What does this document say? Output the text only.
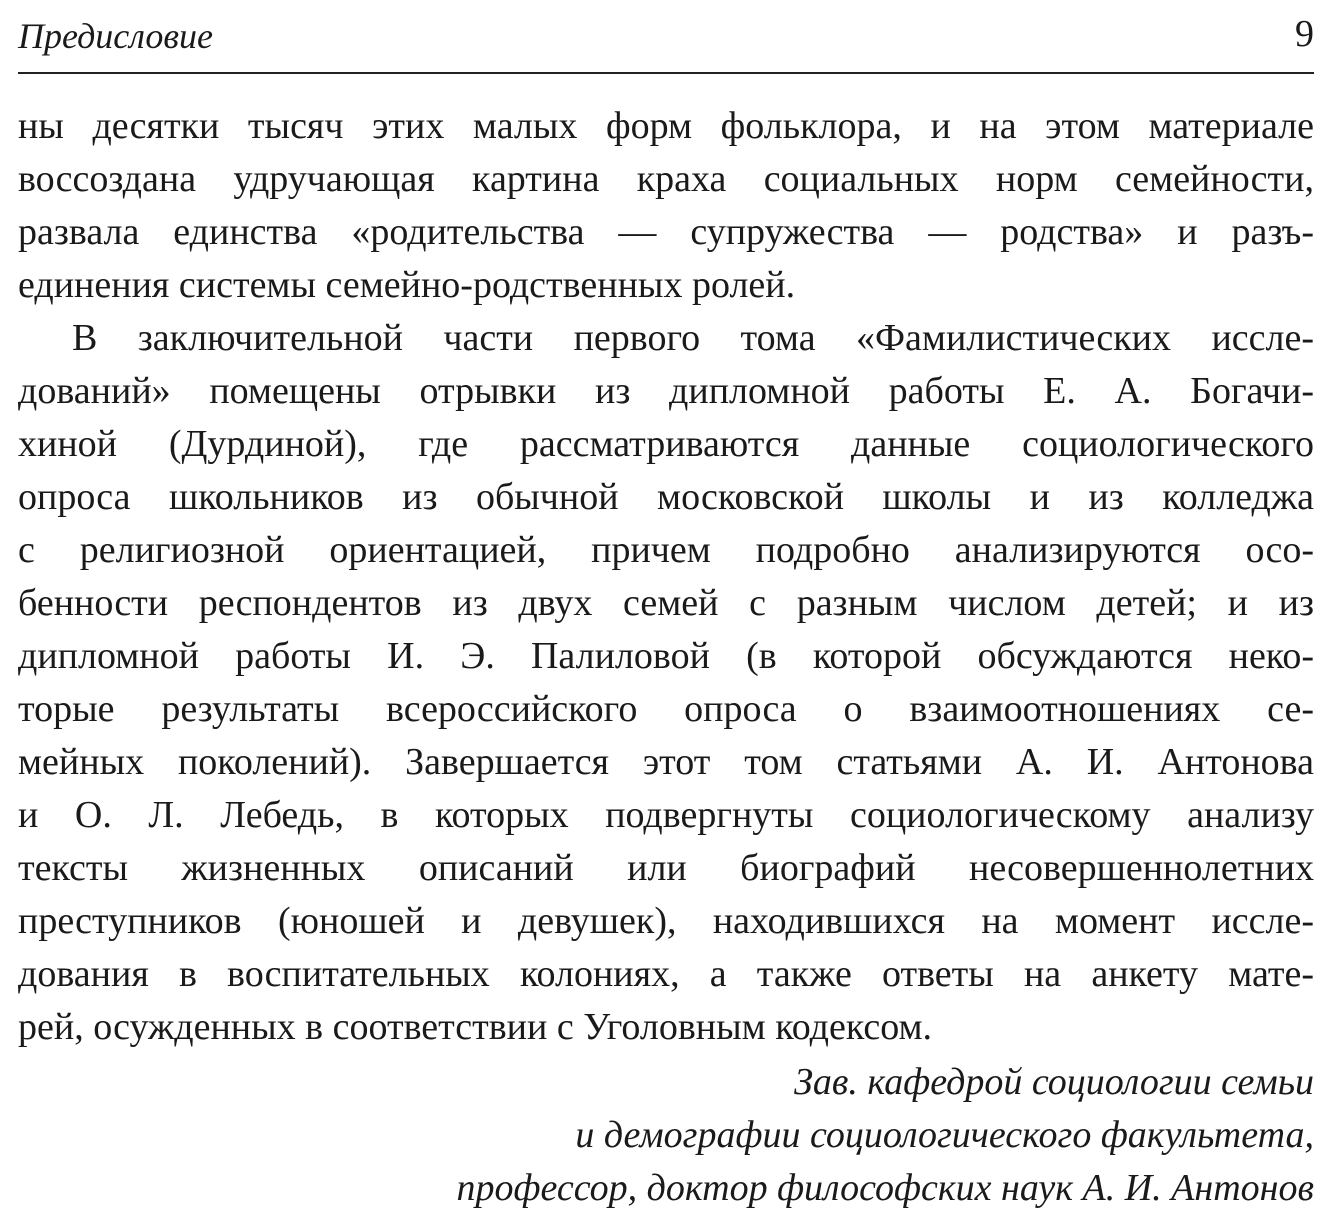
Предисловие	9
ны десятки тысяч этих малых форм фольклора, и на этом материале
воссоздана удручающая картина краха социальных норм семейности,
развала единства «родительства — супружества — родства» и разъ-
единения системы семейно-родственных ролей.
В заключительной части первого тома «Фамилистических иссле-
дований» помещены отрывки из дипломной работы Е. А. Богачи-
хиной (Дурдиной), где рассматриваются данные социологического
опроса школьников из обычной московской школы и из колледжа
с религиозной ориентацией, причем подробно анализируются осо-
бенности респондентов из двух семей с разным числом детей; и из
дипломной работы И. Э. Палиловой (в которой обсуждаются неко-
торые результаты всероссийского опроса о взаимоотношениях се-
мейных поколений). Завершается этот том статьями А. И. Антонова
и О. Л. Лебедь, в которых подвергнуты социологическому анализу
тексты жизненных описаний или биографий несовершеннолетних
преступников (юношей и девушек), находившихся на момент иссле-
дования в воспитательных колониях, а также ответы на анкету мате-
рей, осужденных в соответствии с Уголовным кодексом.
Зав. кафедрой социологии семьи
и демографии социологического факультета,
профессор, доктор философских наук А. И. Антонов
